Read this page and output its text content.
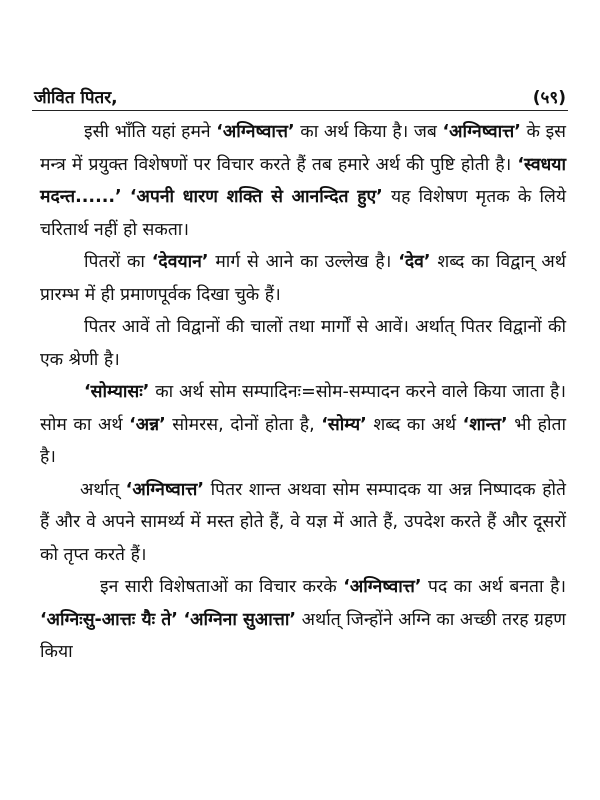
जीवित पितर,	(५९)

इसी भाँति यहां हमने ‘अग्निष्वात्त’ का अर्थ किया है। जब ‘अग्निष्वात्त’ के इस मन्त्र में प्रयुक्त विशेषणों पर विचार करते हैं तब हमारे अर्थ की पुष्टि होती है। ‘स्वधया मदन्त......’ ‘अपनी धारण शक्ति से आनन्दित हुए’ यह विशेषण मृतक के लिये चरितार्थ नहीं हो सकता।

पितरों का ‘देवयान’ मार्ग से आने का उल्लेख है। ‘देव’ शब्द का विद्वान् अर्थ प्रारम्भ में ही प्रमाणपूर्वक दिखा चुके हैं।

पितर आवें तो विद्वानों की चालों तथा मार्गों से आवें। अर्थात् पितर विद्वानों की एक श्रेणी है।

‘सोम्यासः’ का अर्थ सोम सम्पादिनः=सोम-सम्पादन करने वाले किया जाता है। सोम का अर्थ ‘अन्न’ सोमरस, दोनों होता है, ‘सोम्य’ शब्द का अर्थ ‘शान्त’ भी होता है।

अर्थात् ‘अग्निष्वात्त’ पितर शान्त अथवा सोम सम्पादक या अन्न निष्पादक होते हैं और वे अपने सामर्थ्य में मस्त होते हैं, वे यज्ञ में आते हैं, उपदेश करते हैं और दूसरों को तृप्त करते हैं।

इन सारी विशेषताओं का विचार करके ‘अग्निष्वात्त’ पद का अर्थ बनता है। ‘अग्निःसु-आत्तः यैः ते’ ‘अग्निना सुआत्ता’ अर्थात् जिन्होंने अग्नि का अच्छी तरह ग्रहण किया
